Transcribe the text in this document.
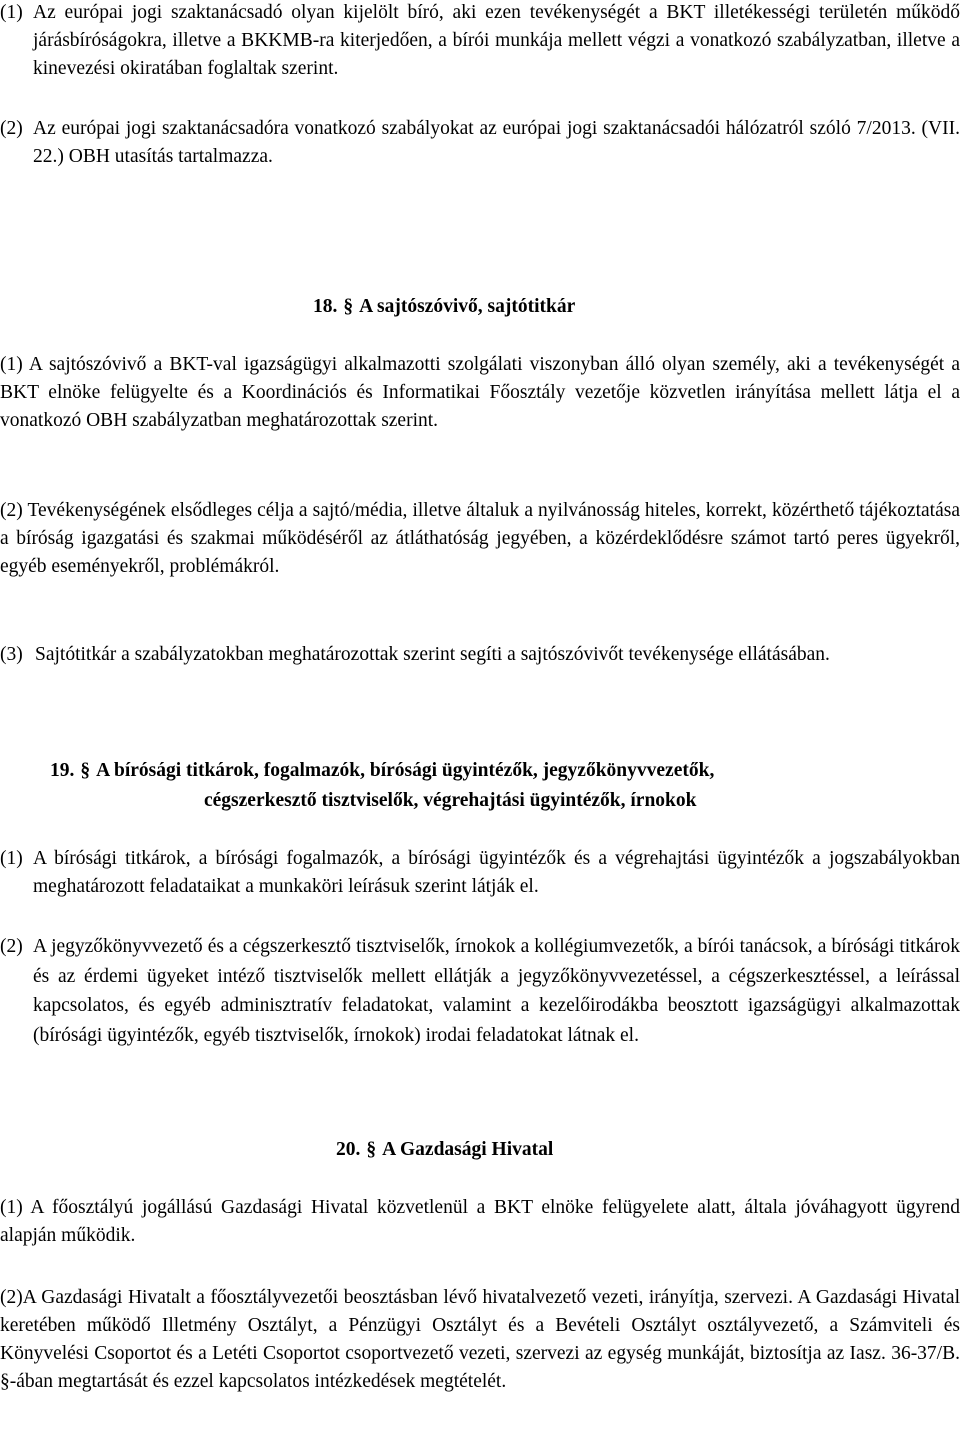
(1) Az európai jogi szaktanácsadó olyan kijelölt bíró, aki ezen tevékenységét a BKT illetékességi területén működő járásbíróságokra, illetve a BKKMB-ra kiterjedően, a bírói munkája mellett végzi a vonatkozó szabályzatban, illetve a kinevezési okiratában foglaltak szerint.
(2) Az európai jogi szaktanácsadóra vonatkozó szabályokat az európai jogi szaktanácsadói hálózatról szóló 7/2013. (VII. 22.) OBH utasítás tartalmazza.
18. § A sajtószóvivő, sajtótitkár
(1) A sajtószóvivő a BKT-val igazságügyi alkalmazotti szolgálati viszonyban álló olyan személy, aki a tevékenységét a BKT elnöke felügyelte és a Koordinációs és Informatikai Főosztály vezetője közvetlen irányítása mellett látja el a vonatkozó OBH szabályzatban meghatározottak szerint.
(2) Tevékenységének elsődleges célja a sajtó/média, illetve általuk a nyilvánosság hiteles, korrekt, közérthető tájékoztatása a bíróság igazgatási és szakmai működéséről az átláthatóság jegyében, a közérdeklődésre számot tartó peres ügyekről, egyéb eseményekről, problémákról.
(3) Sajtótitkár a szabályzatokban meghatározottak szerint segíti a sajtószóvivőt tevékenysége ellátásában.
19. § A bírósági titkárok, fogalmazók, bírósági ügyintézők, jegyzőkönyvvezetők,
cégszerkesztő tisztviselők, végrehajtási ügyintézők, írnokok
(1) A bírósági titkárok, a bírósági fogalmazók, a bírósági ügyintézők és a végrehajtási ügyintézők a jogszabályokban meghatározott feladataikat a munkaköri leírásuk szerint látják el.
(2) A jegyzőkönyvvezető és a cégszerkesztő tisztviselők, írnokok a kollégiumvezetők, a bírói tanácsok, a bírósági titkárok és az érdemi ügyeket intéző tisztviselők mellett ellátják a jegyzőkönyvvezetéssel, a cégszerkesztéssel, a leírással kapcsolatos, és egyéb adminisztratív feladatokat, valamint a kezelőirodákba beosztott igazságügyi alkalmazottak (bírósági ügyintézők, egyéb tisztviselők, írnokok) irodai feladatokat látnak el.
20. § A Gazdasági Hivatal
(1) A főosztályú jogállású Gazdasági Hivatal közvetlenül a BKT elnöke felügyelete alatt, általa jóváhagyott ügyrend alapján működik.
(2)A Gazdasági Hivatalt a főosztályvezetői beosztásban lévő hivatalvezető vezeti, irányítja, szervezi. A Gazdasági Hivatal keretében működő Illetmény Osztályt, a Pénzügyi Osztályt és a Bevételi Osztályt osztályvezető, a Számviteli és Könyvelési Csoportot és a Letéti Csoportot csoportvezető vezeti, szervezi az egység munkáját, biztosítja az Iasz. 36-37/B. §-ában megtartását és ezzel kapcsolatos intézkedések megtételét.
